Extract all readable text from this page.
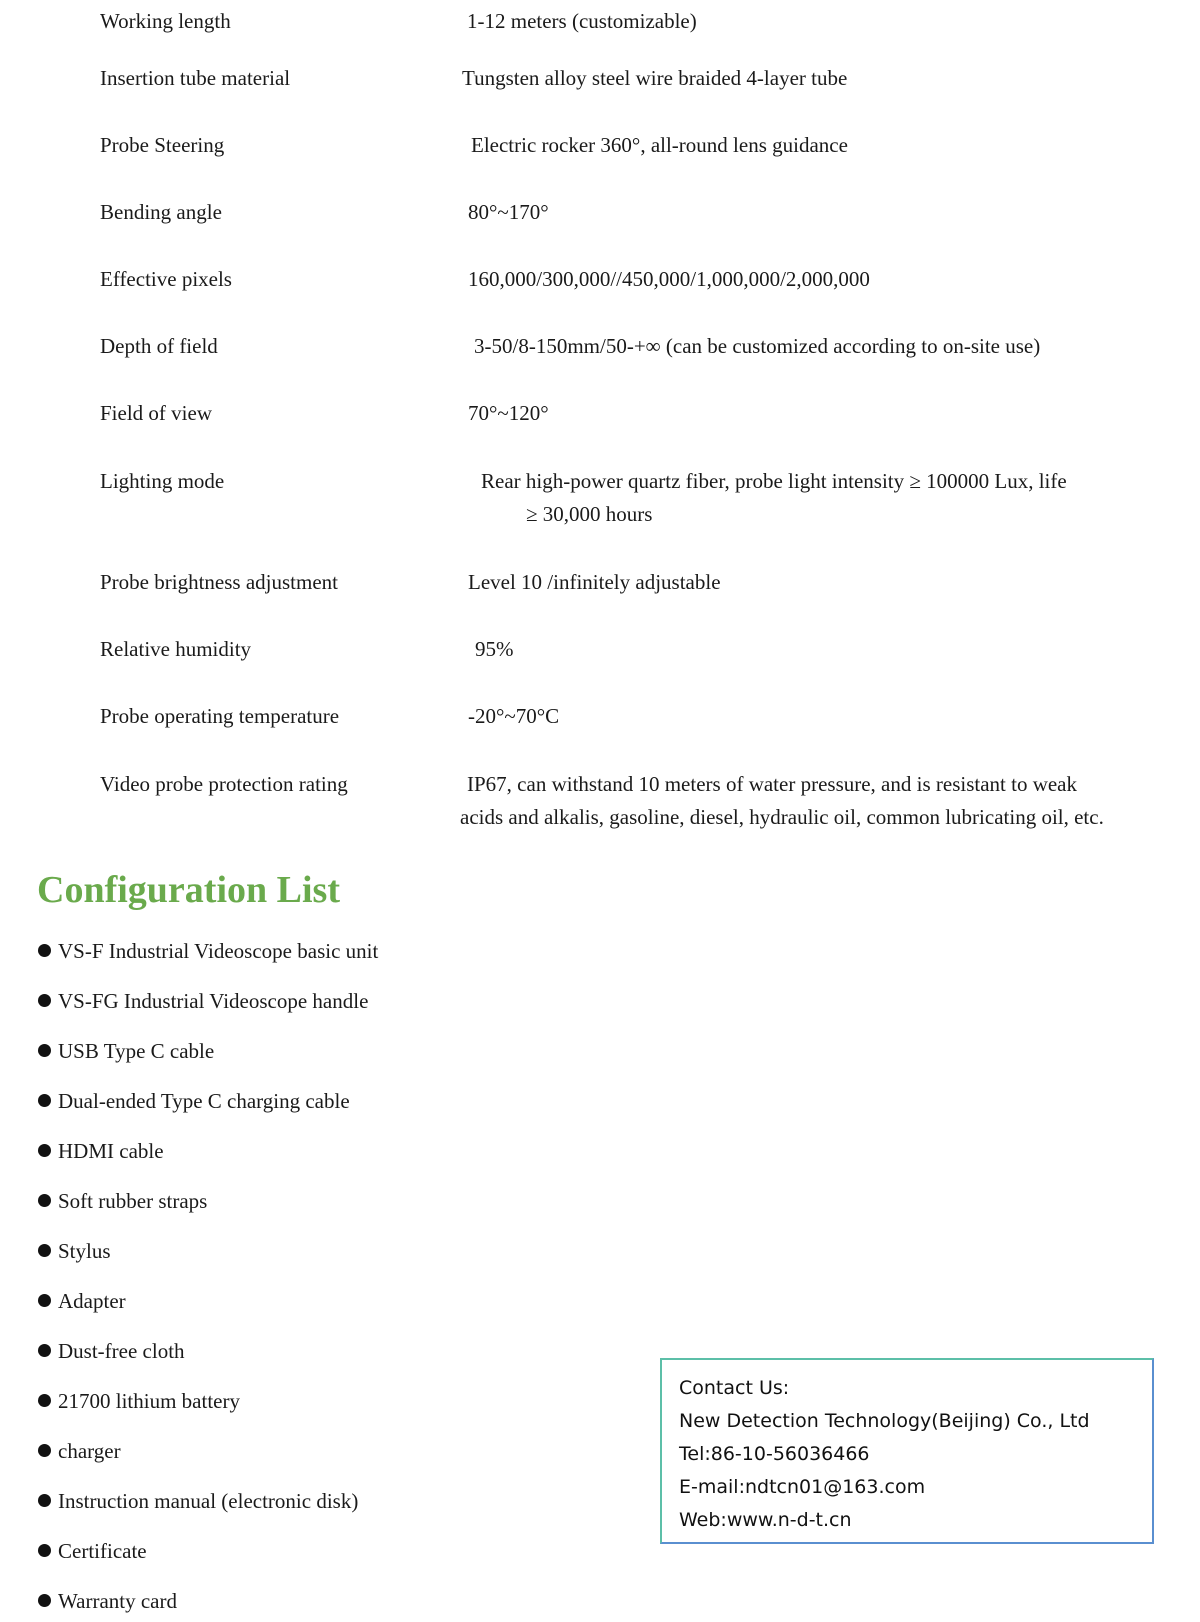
Working length	1-12 meters (customizable)
Insertion tube material	Tungsten alloy steel wire braided 4-layer tube
Probe Steering	Electric rocker 360°, all-round lens guidance
Bending angle	80°~170°
Effective pixels	160,000/300,000//450,000/1,000,000/2,000,000
Depth of field	3-50/8-150mm/50-+∞ (can be customized according to on-site use)
Field of view	70°~120°
Lighting mode	Rear high-power quartz fiber, probe light intensity ≥ 100000 Lux, life
≥ 30,000 hours
Probe brightness adjustment	Level 10 /infinitely adjustable
Relative humidity	95%
Probe operating temperature	-20°~70°C
Video probe protection rating	IP67, can withstand 10 meters of water pressure, and is resistant to weak
acids and alkalis, gasoline, diesel, hydraulic oil, common lubricating oil, etc.
Configuration List
VS-F Industrial Videoscope basic unit
VS-FG Industrial Videoscope handle
USB Type C cable
Dual-ended Type C charging cable
HDMI cable
Soft rubber straps
Stylus
Adapter
Dust-free cloth
21700 lithium battery
charger
Instruction manual (electronic disk)
Certificate
Warranty card
Contact Us:
New Detection Technology(Beijing) Co., Ltd
Tel:86-10-56036466
E-mail:ndtcn01@163.com
Web:www.n-d-t.cn
